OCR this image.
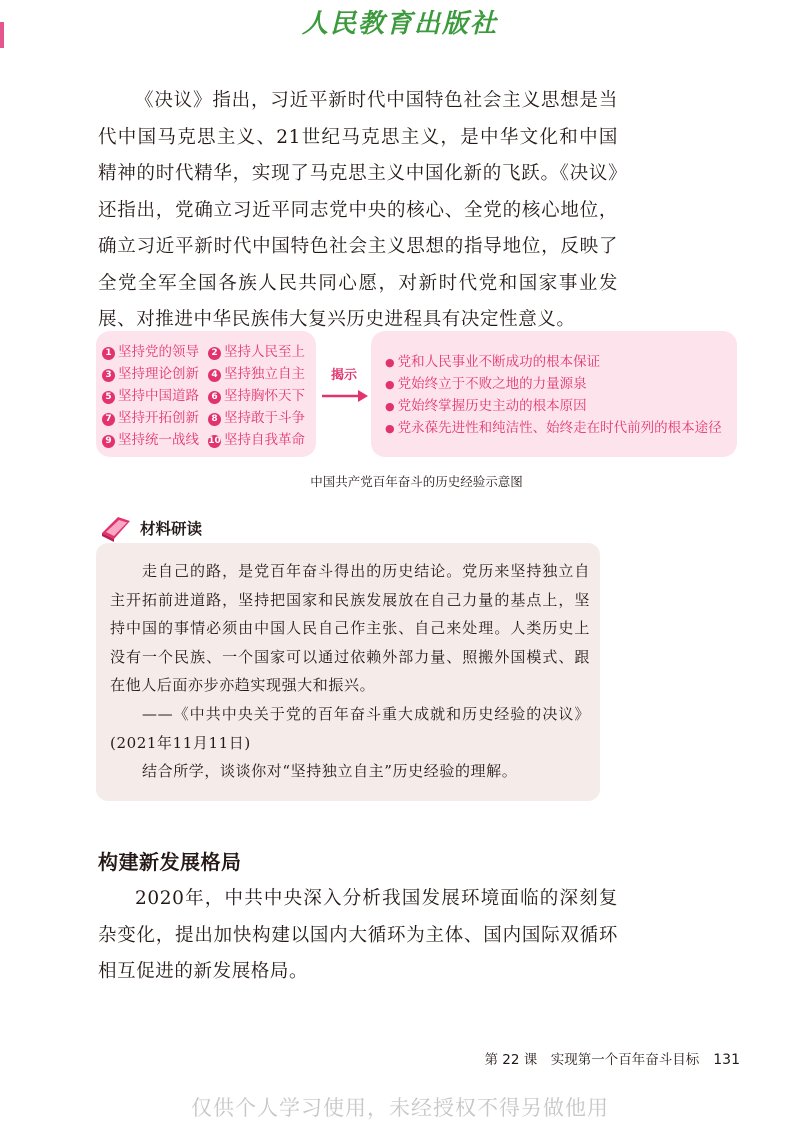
人民教育出版社

《决议》指出，习近平新时代中国特色社会主义思想是当代中国马克思主义、21世纪马克思主义，是中华文化和中国精神的时代精华，实现了马克思主义中国化新的飞跃。《决议》还指出，党确立习近平同志党中央的核心、全党的核心地位，确立习近平新时代中国特色社会主义思想的指导地位，反映了全党全军全国各族人民共同心愿，对新时代党和国家事业发展、对推进中华民族伟大复兴历史进程具有决定性意义。

1 坚持党的领导	2 坚持人民至上
3 坚持理论创新	4 坚持独立自主
5 坚持中国道路	6 坚持胸怀天下
7 坚持开拓创新	8 坚持敢于斗争
9 坚持统一战线 10 坚持自我革命
揭示
● 党和人民事业不断成功的根本保证
● 党始终立于不败之地的力量源泉
● 党始终掌握历史主动的根本原因
● 党永葆先进性和纯洁性、始终走在时代前列的根本途径
中国共产党百年奋斗的历史经验示意图
材料研读

走自己的路，是党百年奋斗得出的历史结论。党历来坚持独立自主开拓前进道路，坚持把国家和民族发展放在自己力量的基点上，坚持中国的事情必须由中国人民自己作主张、自己来处理。人类历史上没有一个民族、一个国家可以通过依赖外部力量、照搬外国模式、跟在他人后面亦步亦趋实现强大和振兴。

——《中共中央关于党的百年奋斗重大成就和历史经验的决议》(2021年11月11日)

结合所学，谈谈你对“坚持独立自主”历史经验的理解。

构建新发展格局

2020年，中共中央深入分析我国发展环境面临的深刻复杂变化，提出加快构建以国内大循环为主体、国内国际双循环相互促进的新发展格局。

第 22 课　实现第一个百年奋斗目标 131
仅供个人学习使用，未经授权不得另做他用
